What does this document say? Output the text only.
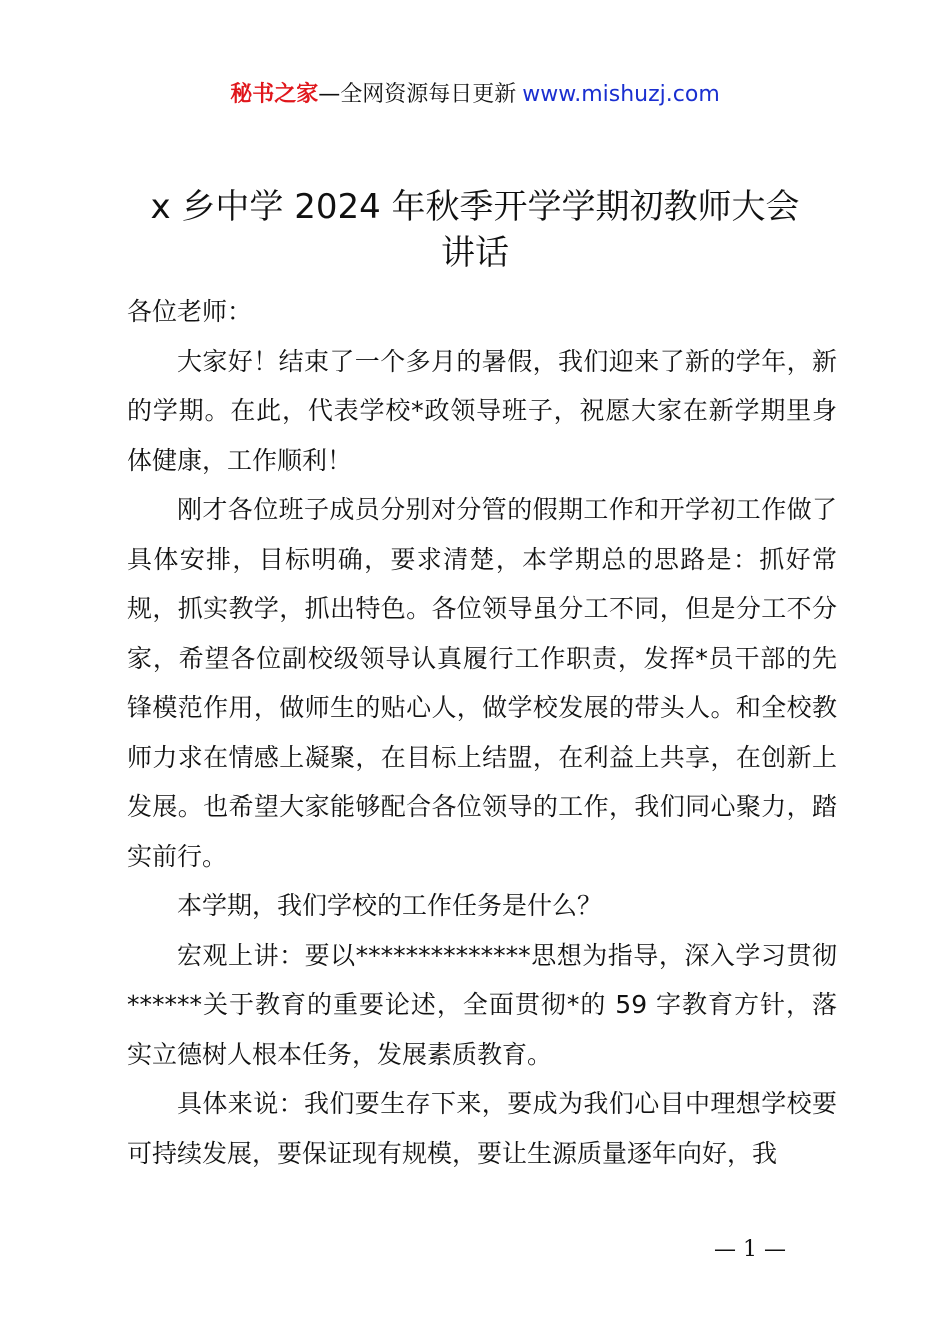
秘书之家—全网资源每日更新 www.mishuzj.com
x 乡中学 2024 年秋季开学学期初教师大会
讲话

各位老师：

大家好！结束了一个多月的暑假，我们迎来了新的学年，新的学期。在此，代表学校*政领导班子，祝愿大家在新学期里身体健康，工作顺利！

刚才各位班子成员分别对分管的假期工作和开学初工作做了具体安排，目标明确，要求清楚，本学期总的思路是：抓好常规，抓实教学，抓出特色。各位领导虽分工不同，但是分工不分家，希望各位副校级领导认真履行工作职责，发挥*员干部的先锋模范作用，做师生的贴心人，做学校发展的带头人。和全校教师力求在情感上凝聚，在目标上结盟，在利益上共享，在创新上发展。也希望大家能够配合各位领导的工作，我们同心聚力，踏实前行。

本学期，我们学校的工作任务是什么？

宏观上讲：要以**************思想为指导，深入学习贯彻******关于教育的重要论述，全面贯彻*的 59 字教育方针，落实立德树人根本任务，发展素质教育。

具体来说：我们要生存下来，要成为我们心目中理想学校要可持续发展，要保证现有规模，要让生源质量逐年向好，我

— 1 —
